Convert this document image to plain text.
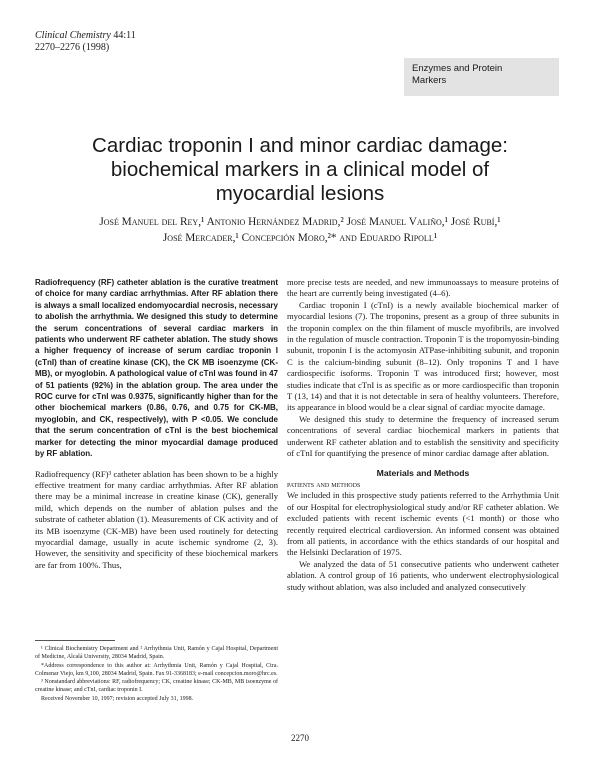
Clinical Chemistry 44:11
2270–2276 (1998)
Enzymes and Protein
Markers
Cardiac troponin I and minor cardiac damage:
biochemical markers in a clinical model of
myocardial lesions
José Manuel del Rey,¹ Antonio Hernández Madrid,² José Manuel Valiño,¹ José Rubí,¹
José Mercader,¹ Concepción Moro,²* and Eduardo Ripoll¹

Radiofrequency (RF) catheter ablation is the curative treatment of choice for many cardiac arrhythmias. After RF ablation there is always a small localized endomyocardial necrosis, necessary to abolish the arrhythmia. We designed this study to determine the serum concentrations of several cardiac markers in patients who underwent RF catheter ablation. The study shows a higher frequency of increase of serum cardiac troponin I (cTnI) than of creatine kinase (CK), the CK MB isoenzyme (CK-MB), or myoglobin. A pathological value of cTnI was found in 47 of 51 patients (92%) in the ablation group. The area under the ROC curve for cTnI was 0.9375, significantly higher than for the other biochemical markers (0.86, 0.76, and 0.75 for CK-MB, myoglobin, and CK, respectively), with P <0.05. We conclude that the serum concentration of cTnI is the best biochemical marker for detecting the minor myocardial damage produced by RF ablation.

Radiofrequency (RF)³ catheter ablation has been shown to be a highly effective treatment for many cardiac arrhythmias. After RF ablation there may be a minimal increase in creatine kinase (CK), generally mild, which depends on the number of ablation pulses and the substrate of catheter ablation (1). Measurements of CK activity and of its MB isoenzyme (CK-MB) have been used routinely for detecting myocardial damage, usually in acute ischemic syndrome (2, 3). However, the sensitivity and specificity of these biochemical markers are far from 100%. Thus,

¹ Clinical Biochemistry Department and ² Arrhythmia Unit, Ramón y Cajal Hospital, Department of Medicine, Alcalá University, 28034 Madrid, Spain.

*Address correspondence to this author at: Arrhythmia Unit, Ramón y Cajal Hospital, Ctra. Colmenar Viejo, km 9,100, 28034 Madrid, Spain. Fax 91-3368183; e-mail concepcion.moro@hrc.es.

³ Nonstandard abbreviations: RF, radiofrequency; CK, creatine kinase; CK-MB, MB isoenzyme of creatine kinase; and cTnI, cardiac troponin I.

Received November 10, 1997; revision accepted July 31, 1998.

more precise tests are needed, and new immunoassays to measure proteins of the heart are currently being investigated (4–6).

Cardiac troponin I (cTnI) is a newly available biochemical marker of myocardial lesions (7). The troponins, present as a group of three subunits in the troponin complex on the thin filament of muscle myofibrils, are involved in the regulation of muscle contraction. Troponin T is the tropomyosin-binding subunit, troponin I is the actomyosin ATPase-inhibiting subunit, and troponin C is the calcium-binding subunit (8–12). Only troponins T and I have cardiospecific isoforms. Troponin T was introduced first; however, most studies indicate that cTnI is as specific as or more cardiospecific than troponin T (13, 14) and that it is not detectable in sera of healthy volunteers. Therefore, its appearance in blood would be a clear signal of cardiac myocite damage.

We designed this study to determine the frequency of increased serum concentrations of several cardiac biochemical markers in patients that underwent RF catheter ablation and to establish the sensitivity and specificity of cTnI for quantifying the presence of minor cardiac damage after ablation.

Materials and Methods
patients and methods

We included in this prospective study patients referred to the Arrhythmia Unit of our Hospital for electrophysiological study and/or RF catheter ablation. We excluded patients with recent ischemic events (<1 month) or those who recently required electrical cardioversion. An informed consent was obtained from all patients, in accordance with the ethics standards of our hospital and the Helsinki Declaration of 1975.

We analyzed the data of 51 consecutive patients who underwent catheter ablation. A control group of 16 patients, who underwent electrophysiological study without ablation, was also included and analyzed consecutively

2270
